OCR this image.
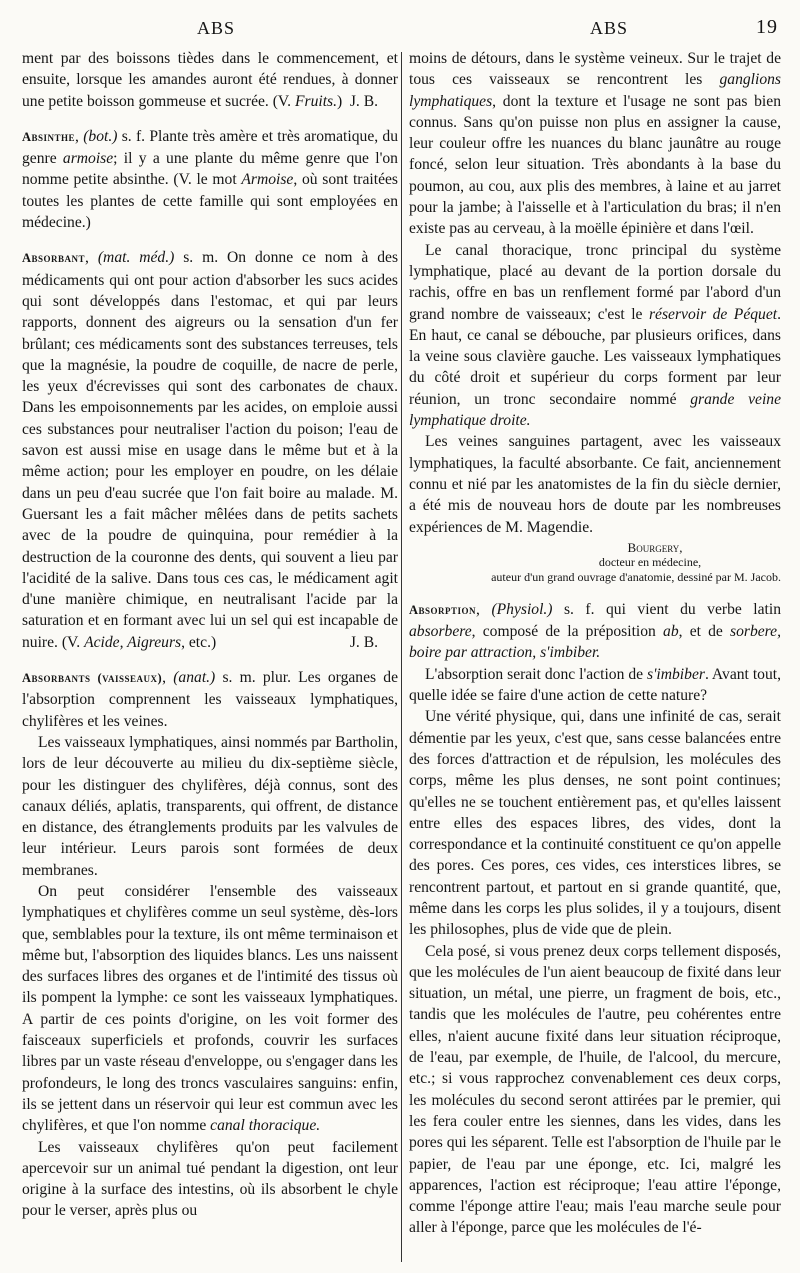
ABS	ABS	19

ment par des boissons tièdes dans le commencement, et ensuite, lorsque les amandes auront été rendues, à donner une petite boisson gommeuse et sucrée. (V. Fruits.) J. B.

Absinthe, (bot.) s. f. Plante très amère et très aromatique, du genre armoise; il y a une plante du même genre que l'on nomme petite absinthe. (V. le mot Armoise, où sont traitées toutes les plantes de cette famille qui sont employées en médecine.)

Absorbant, (mat. méd.) s. m. On donne ce nom à des médicaments qui ont pour action d'absorber les sucs acides qui sont développés dans l'estomac, et qui par leurs rapports, donnent des aigreurs ou la sensation d'un fer brûlant; ces médicaments sont des substances terreuses, tels que la magnésie, la poudre de coquille, de nacre de perle, les yeux d'écrevisses qui sont des carbonates de chaux. Dans les empoisonnements par les acides, on emploie aussi ces substances pour neutraliser l'action du poison; l'eau de savon est aussi mise en usage dans le même but et à la même action; pour les employer en poudre, on les délaie dans un peu d'eau sucrée que l'on fait boire au malade. M. Guersant les a fait mâcher mêlées dans de petits sachets avec de la poudre de quinquina, pour remédier à la destruction de la couronne des dents, qui souvent a lieu par l'acidité de la salive. Dans tous ces cas, le médicament agit d'une manière chimique, en neutralisant l'acide par la saturation et en formant avec lui un sel qui est incapable de nuire. (V. Acide, Aigreurs, etc.)	J. B.

Absorbants (vaisseaux), (anat.) s. m. plur. Les organes de l'absorption comprennent les vaisseaux lymphatiques, chylifères et les veines.

Les vaisseaux lymphatiques, ainsi nommés par Bartholin, lors de leur découverte au milieu du dix-septième siècle, pour les distinguer des chylifères, déjà connus, sont des canaux déliés, aplatis, transparents, qui offrent, de distance en distance, des étranglements produits par les valvules de leur intérieur. Leurs parois sont formées de deux membranes.

On peut considérer l'ensemble des vaisseaux lymphatiques et chylifères comme un seul système, dès-lors que, semblables pour la texture, ils ont même terminaison et même but, l'absorption des liquides blancs. Les uns naissent des surfaces libres des organes et de l'intimité des tissus où ils pompent la lymphe: ce sont les vaisseaux lymphatiques. A partir de ces points d'origine, on les voit former des faisceaux superficiels et profonds, couvrir les surfaces libres par un vaste réseau d'enveloppe, ou s'engager dans les profondeurs, le long des troncs vasculaires sanguins: enfin, ils se jettent dans un réservoir qui leur est commun avec les chylifères, et que l'on nomme canal thoracique.

Les vaisseaux chylifères qu'on peut facilement apercevoir sur un animal tué pendant la digestion, ont leur origine à la surface des intestins, où ils absorbent le chyle pour le verser, après plus ou

moins de détours, dans le système veineux. Sur le trajet de tous ces vaisseaux se rencontrent les ganglions lymphatiques, dont la texture et l'usage ne sont pas bien connus. Sans qu'on puisse non plus en assigner la cause, leur couleur offre les nuances du blanc jaunâtre au rouge foncé, selon leur situation. Très abondants à la base du poumon, au cou, aux plis des membres, à laine et au jarret pour la jambe; à l'aisselle et à l'articulation du bras; il n'en existe pas au cerveau, à la moëlle épinière et dans l'œil.

Le canal thoracique, tronc principal du système lymphatique, placé au devant de la portion dorsale du rachis, offre en bas un renflement formé par l'abord d'un grand nombre de vaisseaux; c'est le réservoir de Péquet. En haut, ce canal se débouche, par plusieurs orifices, dans la veine sous clavière gauche. Les vaisseaux lymphatiques du côté droit et supérieur du corps forment par leur réunion, un tronc secondaire nommé grande veine lymphatique droite.

Les veines sanguines partagent, avec les vaisseaux lymphatiques, la faculté absorbante. Ce fait, anciennement connu et nié par les anatomistes de la fin du siècle dernier, a été mis de nouveau hors de doute par les nombreuses expériences de M. Magendie.

Bourgery,
docteur en médecine,
auteur d'un grand ouvrage d'anatomie, dessiné par M. Jacob.

Absorption, (Physiol.) s. f. qui vient du verbe latin absorbere, composé de la préposition ab, et de sorbere, boire par attraction, s'imbiber.

L'absorption serait donc l'action de s'imbiber. Avant tout, quelle idée se faire d'une action de cette nature?

Une vérité physique, qui, dans une infinité de cas, serait démentie par les yeux, c'est que, sans cesse balancées entre des forces d'attraction et de répulsion, les molécules des corps, même les plus denses, ne sont point continues; qu'elles ne se touchent entièrement pas, et qu'elles laissent entre elles des espaces libres, des vides, dont la correspondance et la continuité constituent ce qu'on appelle des pores. Ces pores, ces vides, ces interstices libres, se rencontrent partout, et partout en si grande quantité, que, même dans les corps les plus solides, il y a toujours, disent les philosophes, plus de vide que de plein.

Cela posé, si vous prenez deux corps tellement disposés, que les molécules de l'un aient beaucoup de fixité dans leur situation, un métal, une pierre, un fragment de bois, etc., tandis que les molécules de l'autre, peu cohérentes entre elles, n'aient aucune fixité dans leur situation réciproque, de l'eau, par exemple, de l'huile, de l'alcool, du mercure, etc.; si vous rapprochez convenablement ces deux corps, les molécules du second seront attirées par le premier, qui les fera couler entre les siennes, dans les vides, dans les pores qui les séparent. Telle est l'absorption de l'huile par le papier, de l'eau par une éponge, etc. Ici, malgré les apparences, l'action est réciproque; l'eau attire l'éponge, comme l'éponge attire l'eau; mais l'eau marche seule pour aller à l'éponge, parce que les molécules de l'é-
